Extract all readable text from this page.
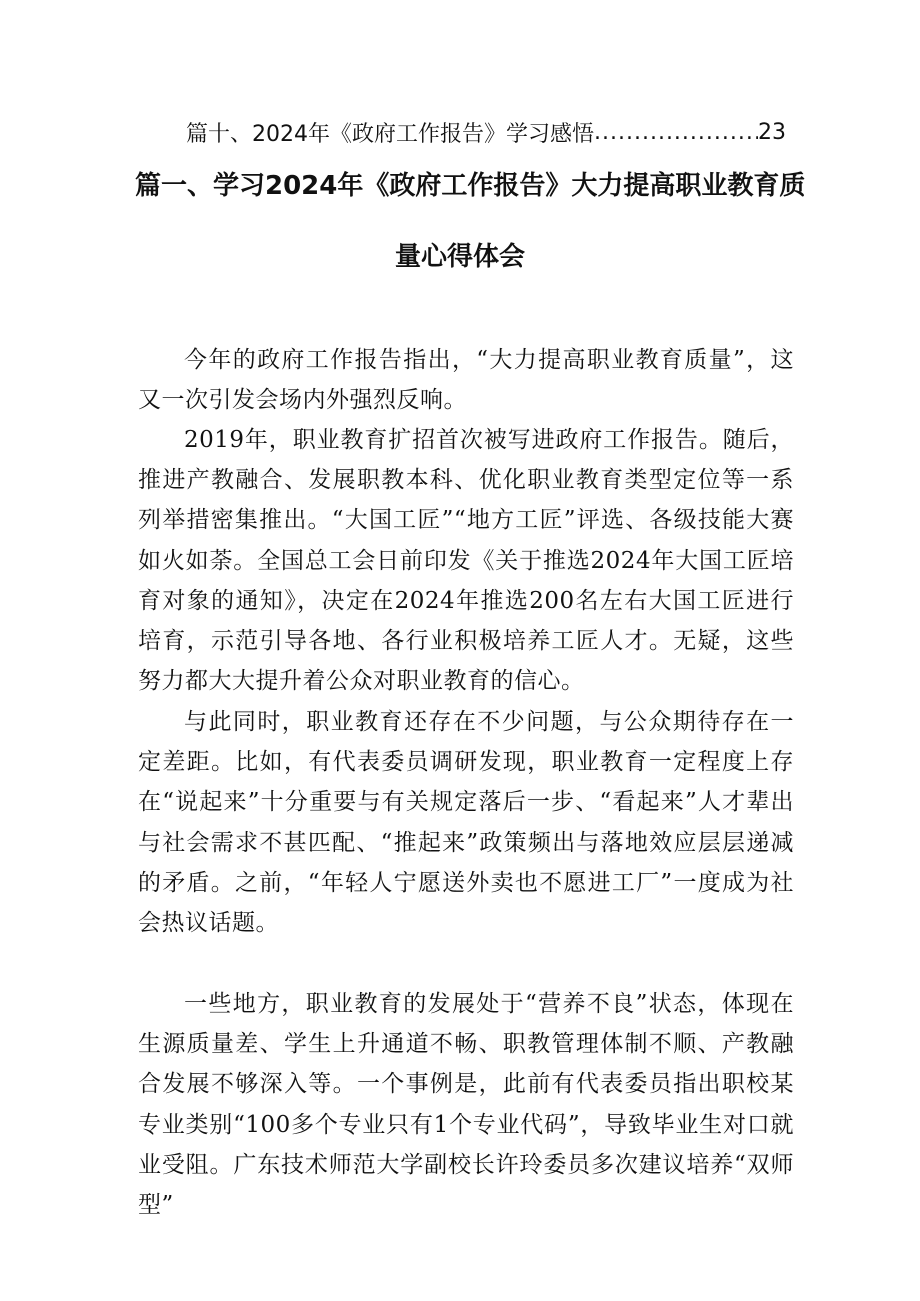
篇十、2024年《政府工作报告》学习感悟
.....	23
篇一、学习2024年《政府工作报告》大力提高职业教育质
量心得体会
今年的政府工作报告指出，“大力提高职业教育质量”，这又一次引发会场内外强烈反响。
2019年，职业教育扩招首次被写进政府工作报告。随后，推进产教融合、发展职教本科、优化职业教育类型定位等一系列举措密集推出。“大国工匠”“地方工匠”评选、各级技能大赛如火如荼。全国总工会日前印发《关于推选2024年大国工匠培育对象的通知》，决定在2024年推选200名左右大国工匠进行培育，示范引导各地、各行业积极培养工匠人才。无疑，这些努力都大大提升着公众对职业教育的信心。
与此同时，职业教育还存在不少问题，与公众期待存在一定差距。比如，有代表委员调研发现，职业教育一定程度上存在“说起来”十分重要与有关规定落后一步、“看起来”人才辈出与社会需求不甚匹配、“推起来”政策频出与落地效应层层递减的矛盾。之前，“年轻人宁愿送外卖也不愿进工厂”一度成为社会热议话题。
一些地方，职业教育的发展处于“营养不良”状态，体现在生源质量差、学生上升通道不畅、职教管理体制不顺、产教融合发展不够深入等。一个事例是，此前有代表委员指出职校某专业类别“100多个专业只有1个专业代码”，导致毕业生对口就业受阻。广东技术师范大学副校长许玲委员多次建议培养“双师型”
